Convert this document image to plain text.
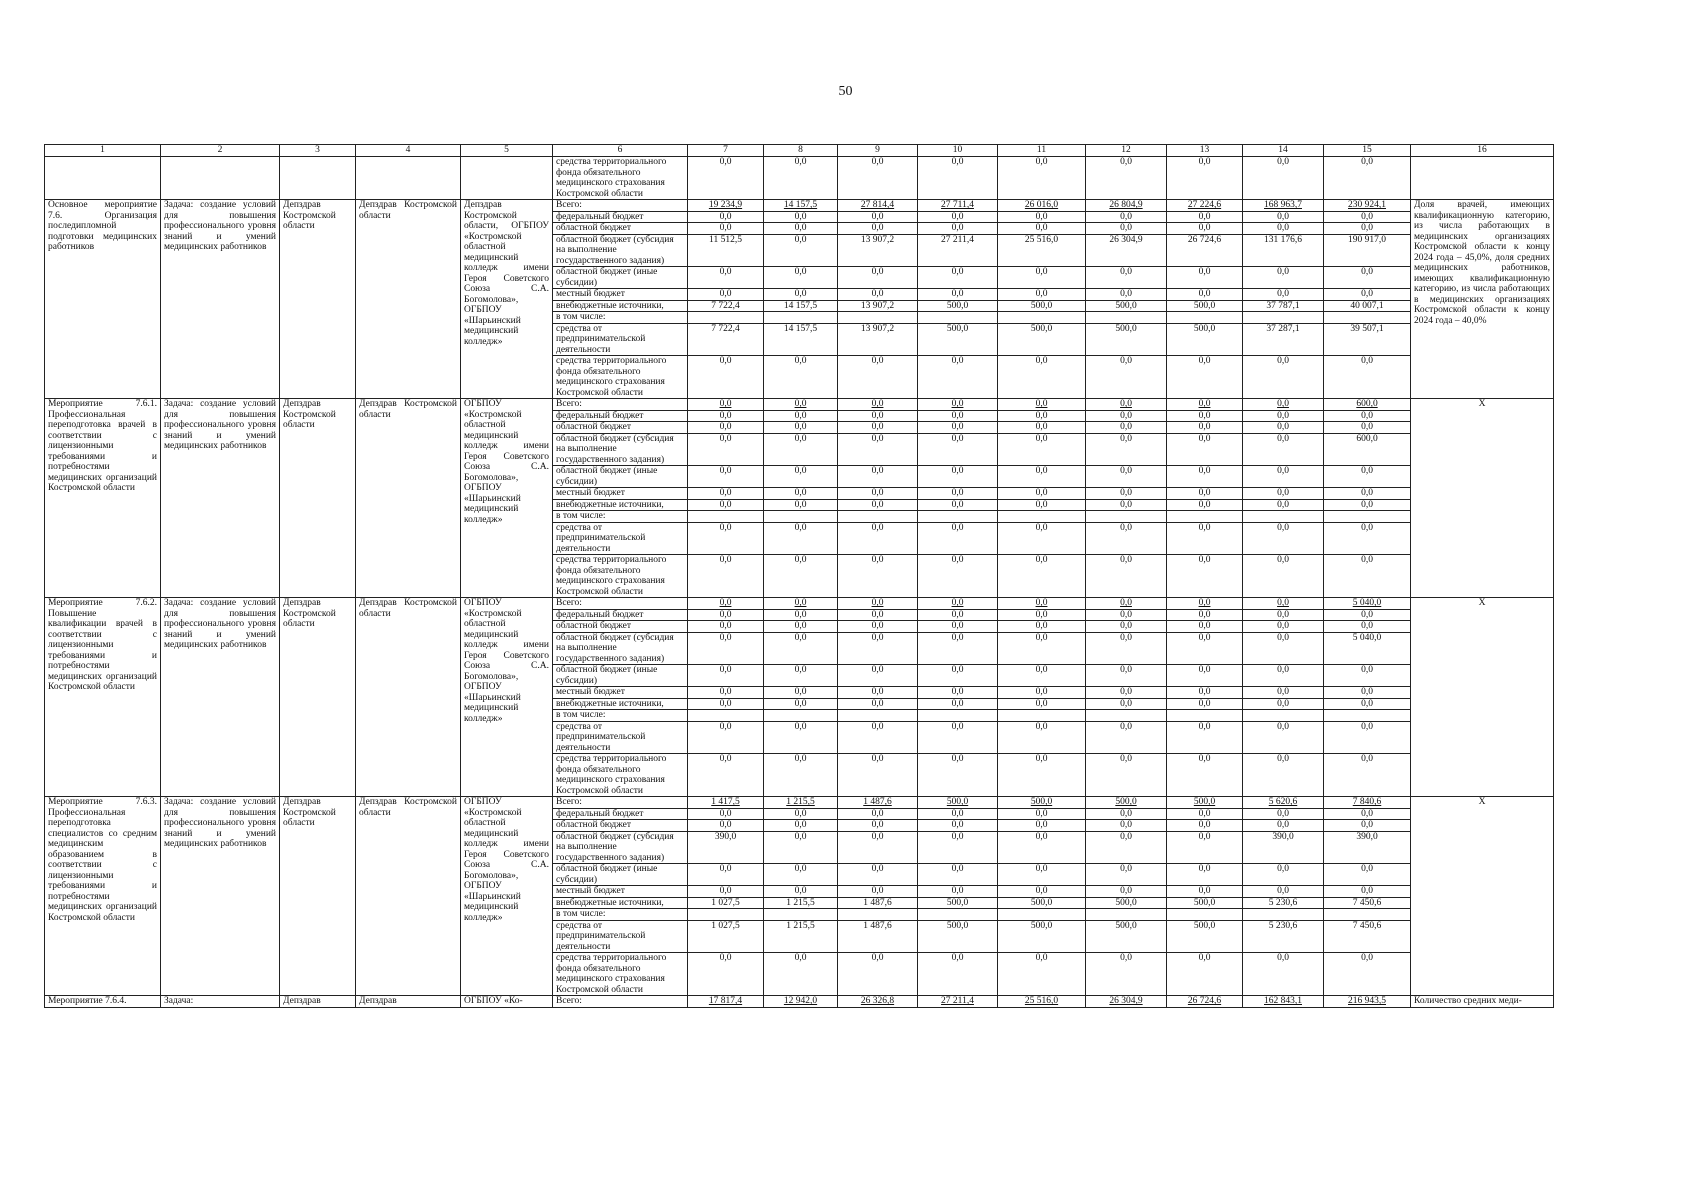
50
1	2	3	4	5	6	7	8	9	10	11	12	13	14	15	16
					средства территориального фонда обязательного медицинского страхования Костромской области	0,0	0,0	0,0	0,0	0,0	0,0	0,0	0,0	0,0	
Основное мероприятие 7.6. Организация последипломной подготовки медицинских работников	Задача: создание условий для повышения профессионального уровня знаний и умений медицинских работников	Депздрав Костромской области	Депздрав Костромской области	Депздрав Костромской области, ОГБПОУ «Костромской областной медицинский колледж имени Героя Советского Союза С.А. Богомолова», ОГБПОУ «Шарьинский медицинский колледж»	Всего:	19 234,9	14 157,5	27 814,4	27 711,4	26 016,0	26 804,9	27 224,6	168 963,7	230 924,1	Доля врачей, имеющих квалификационную категорию, из числа работающих в медицинских организациях Костромской области к концу 2024 года – 45,0%, доля средних медицинских работников, имеющих квалификационную категорию, из числа работающих в медицинских организациях Костромской области к концу 2024 года – 40,0%
					федеральный бюджет	0,0	0,0	0,0	0,0	0,0	0,0	0,0	0,0	0,0	
					областной бюджет	0,0	0,0	0,0	0,0	0,0	0,0	0,0	0,0	0,0	
					областной бюджет (субсидия на выполнение государственного задания)	11 512,5	0,0	13 907,2	27 211,4	25 516,0	26 304,9	26 724,6	131 176,6	190 917,0	
					областной бюджет (иные субсидии)	0,0	0,0	0,0	0,0	0,0	0,0	0,0	0,0	0,0	
					местный бюджет	0,0	0,0	0,0	0,0	0,0	0,0	0,0	0,0	0,0	
					внебюджетные источники,	7 722,4	14 157,5	13 907,2	500,0	500,0	500,0	500,0	37 787,1	40 007,1	
					в том числе:										
					средства от предпринимательской деятельности	7 722,4	14 157,5	13 907,2	500,0	500,0	500,0	500,0	37 287,1	39 507,1	
					средства территориального фонда обязательного медицинского страхования Костромской области	0,0	0,0	0,0	0,0	0,0	0,0	0,0	0,0	0,0	
Мероприятие 7.6.1. Профессиональная переподготовка врачей в соответствии с лицензионными требованиями и потребностями медицинских организаций Костромской области	Задача: создание условий для повышения профессионального уровня знаний и умений медицинских работников	Депздрав Костромской области	Депздрав Костромской области	ОГБПОУ «Костромской областной медицинский колледж имени Героя Советского Союза С.А. Богомолова», ОГБПОУ «Шарьинский медицинский колледж»	Всего:	0,0	0,0	0,0	0,0	0,0	0,0	0,0	0,0	600,0	X
					федеральный бюджет	0,0	0,0	0,0	0,0	0,0	0,0	0,0	0,0	0,0	
					областной бюджет	0,0	0,0	0,0	0,0	0,0	0,0	0,0	0,0	0,0	
					областной бюджет (субсидия на выполнение государственного задания)	0,0	0,0	0,0	0,0	0,0	0,0	0,0	0,0	600,0	
					областной бюджет (иные субсидии)	0,0	0,0	0,0	0,0	0,0	0,0	0,0	0,0	0,0	
					местный бюджет	0,0	0,0	0,0	0,0	0,0	0,0	0,0	0,0	0,0	
					внебюджетные источники,	0,0	0,0	0,0	0,0	0,0	0,0	0,0	0,0	0,0	
					в том числе:										
					средства от предпринимательской деятельности	0,0	0,0	0,0	0,0	0,0	0,0	0,0	0,0	0,0	
					средства территориального фонда обязательного медицинского страхования Костромской области	0,0	0,0	0,0	0,0	0,0	0,0	0,0	0,0	0,0	
Мероприятие 7.6.2. Повышение квалификации врачей в соответствии с лицензионными требованиями и потребностями медицинских организаций Костромской области	Задача: создание условий для повышения профессионального уровня знаний и умений медицинских работников	Депздрав Костромской области	Депздрав Костромской области	ОГБПОУ «Костромской областной медицинский колледж имени Героя Советского Союза С.А. Богомолова», ОГБПОУ «Шарьинский медицинский колледж»	Всего:	0,0	0,0	0,0	0,0	0,0	0,0	0,0	0,0	5 040,0	X
					федеральный бюджет	0,0	0,0	0,0	0,0	0,0	0,0	0,0	0,0	0,0	
					областной бюджет	0,0	0,0	0,0	0,0	0,0	0,0	0,0	0,0	0,0	
					областной бюджет (субсидия на выполнение государственного задания)	0,0	0,0	0,0	0,0	0,0	0,0	0,0	0,0	5 040,0	
					областной бюджет (иные субсидии)	0,0	0,0	0,0	0,0	0,0	0,0	0,0	0,0	0,0	
					местный бюджет	0,0	0,0	0,0	0,0	0,0	0,0	0,0	0,0	0,0	
					внебюджетные источники,	0,0	0,0	0,0	0,0	0,0	0,0	0,0	0,0	0,0	
					в том числе:										
					средства от предпринимательской деятельности	0,0	0,0	0,0	0,0	0,0	0,0	0,0	0,0	0,0	
					средства территориального фонда обязательного медицинского страхования Костромской области	0,0	0,0	0,0	0,0	0,0	0,0	0,0	0,0	0,0	
Мероприятие 7.6.3. Профессиональная переподготовка специалистов со средним медицинским образованием в соответствии с лицензионными требованиями и потребностями медицинских организаций Костромской области	Задача: создание условий для повышения профессионального уровня знаний и умений медицинских работников	Депздрав Костромской области	Депздрав Костромской области	ОГБПОУ «Костромской областной медицинский колледж имени Героя Советского Союза С.А. Богомолова», ОГБПОУ «Шарьинский медицинский колледж»	Всего:	1 417,5	1 215,5	1 487,6	500,0	500,0	500,0	500,0	5 620,6	7 840,6	X
					федеральный бюджет	0,0	0,0	0,0	0,0	0,0	0,0	0,0	0,0	0,0	
					областной бюджет	0,0	0,0	0,0	0,0	0,0	0,0	0,0	0,0	0,0	
					областной бюджет (субсидия на выполнение государственного задания)	390,0	0,0	0,0	0,0	0,0	0,0	0,0	390,0	390,0	
					областной бюджет (иные субсидии)	0,0	0,0	0,0	0,0	0,0	0,0	0,0	0,0	0,0	
					местный бюджет	0,0	0,0	0,0	0,0	0,0	0,0	0,0	0,0	0,0	
					внебюджетные источники,	1 027,5	1 215,5	1 487,6	500,0	500,0	500,0	500,0	5 230,6	7 450,6	
					в том числе:										
					средства от предпринимательской деятельности	1 027,5	1 215,5	1 487,6	500,0	500,0	500,0	500,0	5 230,6	7 450,6	
					средства территориального фонда обязательного медицинского страхования Костромской области	0,0	0,0	0,0	0,0	0,0	0,0	0,0	0,0	0,0	
Мероприятие 7.6.4.	Задача:	Депздрав	Депздрав	ОГБПОУ «Ко-	Всего:	17 817,4	12 942,0	26 326,8	27 211,4	25 516,0	26 304,9	26 724,6	162 843,1	216 943,5	Количество средних меди-
